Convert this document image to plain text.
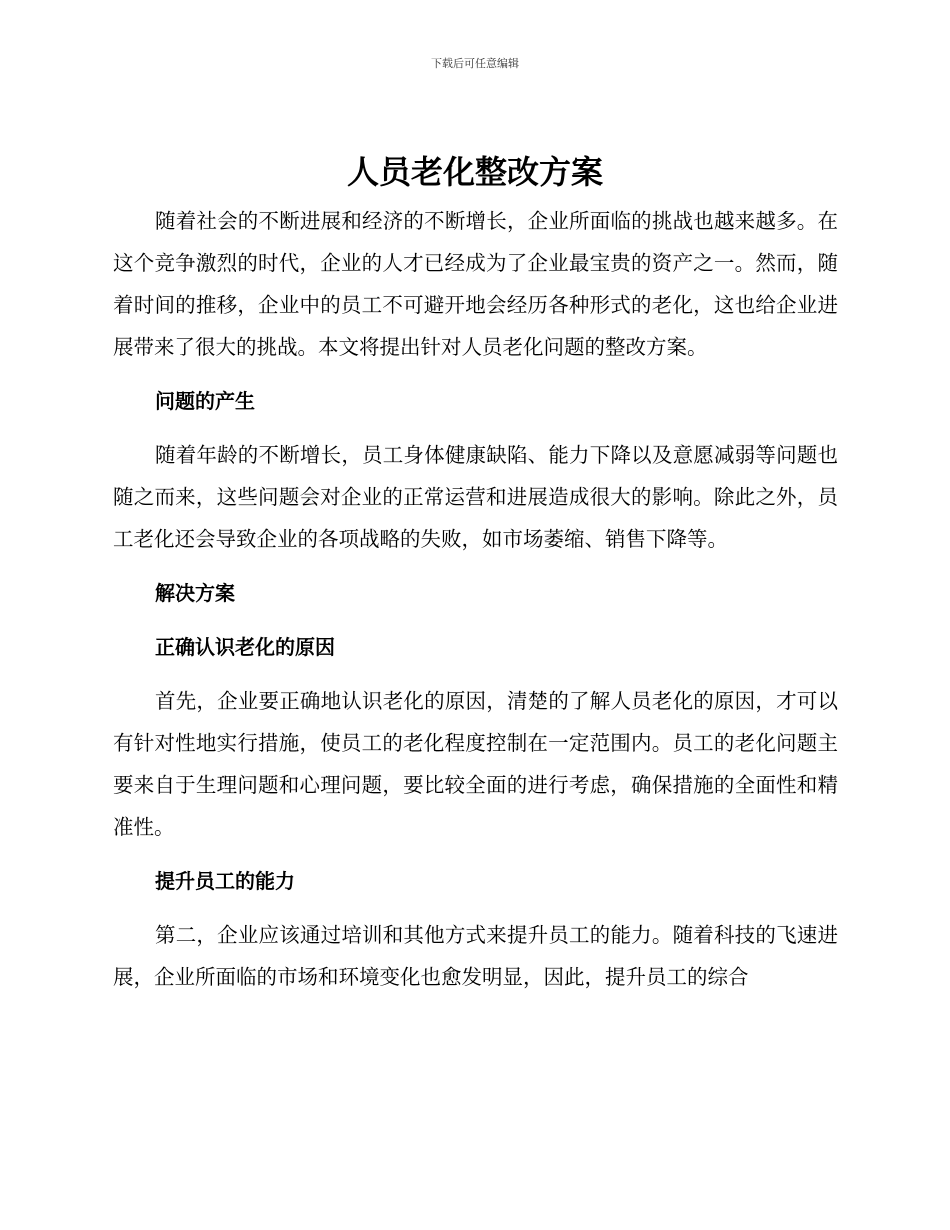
下载后可任意编辑
人员老化整改方案

随着社会的不断进展和经济的不断增长，企业所面临的挑战也越来越多。在这个竞争激烈的时代，企业的人才已经成为了企业最宝贵的资产之一。然而，随着时间的推移，企业中的员工不可避开地会经历各种形式的老化，这也给企业进展带来了很大的挑战。本文将提出针对人员老化问题的整改方案。

问题的产生

随着年龄的不断增长，员工身体健康缺陷、能力下降以及意愿减弱等问题也随之而来，这些问题会对企业的正常运营和进展造成很大的影响。除此之外，员工老化还会导致企业的各项战略的失败，如市场萎缩、销售下降等。

解决方案

正确认识老化的原因

首先，企业要正确地认识老化的原因，清楚的了解人员老化的原因，才可以有针对性地实行措施，使员工的老化程度控制在一定范围内。员工的老化问题主要来自于生理问题和心理问题，要比较全面的进行考虑，确保措施的全面性和精准性。

提升员工的能力

第二，企业应该通过培训和其他方式来提升员工的能力。随着科技的飞速进展，企业所面临的市场和环境变化也愈发明显，因此，提升员工的综合
